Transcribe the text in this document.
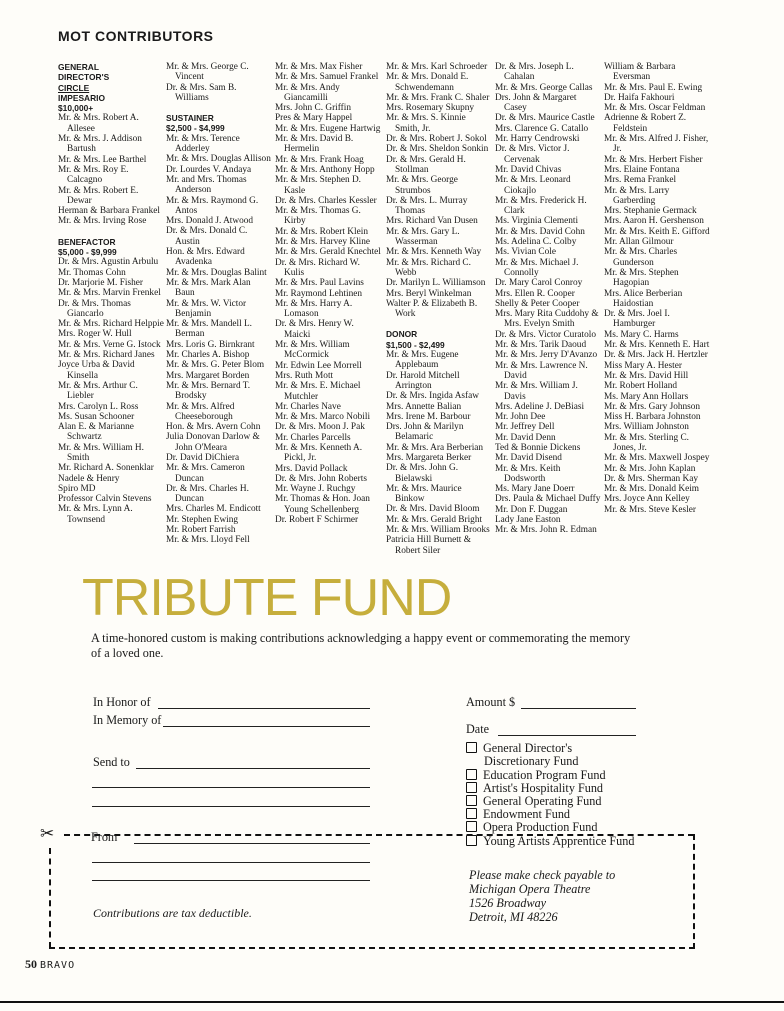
MOT CONTRIBUTORS
GENERAL
DIRECTOR'S
CIRCLE
IMPESARIO
$10,000+
Mr. & Mrs. Robert A. Allesee
Mr. & Mrs. J. Addison Bartush
Mr. & Mrs. Lee Barthel
Mr. & Mrs. Roy E. Calcagno
Mr. & Mrs. Robert E. Dewar
Herman & Barbara Frankel
Mr. & Mrs. Irving Rose
BENEFACTOR
$5,000 - $9,999
Dr. & Mrs. Agustin Arbulu
Mr. Thomas Cohn
Dr. Marjorie M. Fisher
Mr. & Mrs. Marvin Frenkel
Dr. & Mrs. Thomas Giancarlo
Mr. & Mrs. Richard Helppie
Mrs. Roger W. Hull
Mr. & Mrs. Verne G. Istock
Mr. & Mrs. Richard Janes
Joyce Urba & David Kinsella
Mr. & Mrs. Arthur C. Liebler
Mrs. Carolyn L. Ross
Ms. Susan Schooner
Alan E. & Marianne Schwartz
Mr. & Mrs. William H. Smith
Mr. Richard A. Sonenklar
Nadele & Henry
Spiro MD
Professor Calvin Stevens
Mr. & Mrs. Lynn A. Townsend
Mr. & Mrs. George C. Vincent
Dr. & Mrs. Sam B. Williams
SUSTAINER
$2,500 - $4,999
Mr. & Mrs. Terence Adderley
Mr. & Mrs. Douglas Allison
Dr. Lourdes V. Andaya
Mr. and Mrs. Thomas Anderson
Mr. & Mrs. Raymond G. Antos
Mrs. Donald J. Atwood
Dr. & Mrs. Donald C. Austin
Hon. & Mrs. Edward Avadenka
Mr. & Mrs. Douglas Balint
Mr. & Mrs. Mark Alan Baun
Mr. & Mrs. W. Victor Benjamin
Mr. & Mrs. Mandell L. Berman
Mrs. Loris G. Birnkrant
Mr. Charles A. Bishop
Mr. & Mrs. G. Peter Blom
Mrs. Margaret Borden
Mr. & Mrs. Bernard T. Brodsky
Mr. & Mrs. Alfred Cheeseborough
Hon. & Mrs. Avern Cohn
Julia Donovan Darlow & John O'Meara
Dr. David DiChiera
Mr. & Mrs. Cameron Duncan
Dr. & Mrs. Charles H. Duncan
Mrs. Charles M. Endicott
Mr. Stephen Ewing
Mr. Robert Farrish
Mr. & Mrs. Lloyd Fell
Mr. & Mrs. Max Fisher
Mr. & Mrs. Samuel Frankel
Mr. & Mrs. Andy Giancamilli
Mrs. John C. Griffin
Pres & Mary Happel
Mr. & Mrs. Eugene Hartwig
Mr. & Mrs. David B. Hermelin
Mr. & Mrs. Frank Hoag
Mr. & Mrs. Anthony Hopp
Mr. & Mrs. Stephen D. Kasle
Dr. & Mrs. Charles Kessler
Mr. & Mrs. Thomas G. Kirby
Mr. & Mrs. Robert Klein
Mr. & Mrs. Harvey Kline
Mr. & Mrs. Gerald Knechtel
Dr. & Mrs. Richard W. Kulis
Mr. & Mrs. Paul Lavins
Mr. Raymond Lehtinen
Mr. & Mrs. Harry A. Lomason
Dr. & Mrs. Henry W. Maicki
Mr. & Mrs. William McCormick
Mr. Edwin Lee Morrell
Mrs. Ruth Mott
Mr. & Mrs. E. Michael Mutchler
Mr. Charles Nave
Mr. & Mrs. Marco Nobili
Dr. & Mrs. Moon J. Pak
Mr. Charles Parcells
Mr. & Mrs. Kenneth A. Pickl, Jr.
Mrs. David Pollack
Dr. & Mrs. John Roberts
Mr. Wayne J. Ruchgy
Mr. Thomas & Hon. Joan Young Schellenberg
Dr. Robert F Schirmer
Mr. & Mrs. Karl Schroeder
Mr. & Mrs. Donald E. Schwendemann
Mr. & Mrs. Frank C. Shaler
Mrs. Rosemary Skupny
Mr. & Mrs. S. Kinnie Smith, Jr.
Dr. & Mrs. Robert J. Sokol
Dr. & Mrs. Sheldon Sonkin
Dr. & Mrs. Gerald H. Stollman
Mr. & Mrs. George Strumbos
Dr. & Mrs. L. Murray Thomas
Mrs. Richard Van Dusen
Mr. & Mrs. Gary L. Wasserman
Mr. & Mrs. Kenneth Way
Mr. & Mrs. Richard C. Webb
Dr. Marilyn L. Williamson
Mrs. Beryl Winkelman
Walter P. & Elizabeth B. Work
DONOR
$1,500 - $2,499
Mr. & Mrs. Eugene Applebaum
Dr. Harold Mitchell Arrington
Dr. & Mrs. Ingida Asfaw
Mrs. Annette Balian
Mrs. Irene M. Barbour
Drs. John & Marilyn Belamaric
Mr. & Mrs. Ara Berberian
Mrs. Margareta Berker
Dr. & Mrs. John G. Bielawski
Mr. & Mrs. Maurice Binkow
Dr. & Mrs. David Bloom
Mr. & Mrs. Gerald Bright
Mr. & Mrs. William Brooks
Patricia Hill Burnett & Robert Siler
Dr. & Mrs. Joseph L. Cahalan
Mr. & Mrs. George Callas
Drs. John & Margaret Casey
Dr. & Mrs. Maurice Castle
Mrs. Clarence G. Catallo
Mr. Harry Cendrowski
Dr. & Mrs. Victor J. Cervenak
Mr. David Chivas
Mr. & Mrs. Leonard Ciokajlo
Mr. & Mrs. Frederick H. Clark
Ms. Virginia Clementi
Mr. & Mrs. David Cohn
Ms. Adelina C. Colby
Ms. Vivian Cole
Mr. & Mrs. Michael J. Connolly
Dr. Mary Carol Conroy
Mrs. Ellen R. Cooper
Shelly & Peter Cooper
Mrs. Mary Rita Cuddohy & Mrs. Evelyn Smith
Dr. & Mrs. Victor Curatolo
Mr. & Mrs. Tarik Daoud
Mr. & Mrs. Jerry D'Avanzo
Mr. & Mrs. Lawrence N. David
Mr. & Mrs. William J. Davis
Mrs. Adeline J. DeBiasi
Mr. John Dee
Mr. Jeffrey Dell
Mr. David Denn
Ted & Bonnie Dickens
Mr. David Disend
Mr. & Mrs. Keith Dodsworth
Ms. Mary Jane Doerr
Drs. Paula & Michael Duffy
Mr. Don F. Duggan
Lady Jane Easton
Mr. & Mrs. John R. Edman
William & Barbara Eversman
Mr. & Mrs. Paul E. Ewing
Dr. Haifa Fakhouri
Mr. & Mrs. Oscar Feldman
Adrienne & Robert Z. Feldstein
Mr. & Mrs. Alfred J. Fisher, Jr.
Mr. & Mrs. Herbert Fisher
Mrs. Elaine Fontana
Mrs. Rema Frankel
Mr. & Mrs. Larry Garberding
Mrs. Stephanie Germack
Mrs. Aaron H. Gershenson
Mr. & Mrs. Keith E. Gifford
Mr. Allan Gilmour
Mr. & Mrs. Charles Gunderson
Mr. & Mrs. Stephen Hagopian
Mrs. Alice Berberian Haidostian
Dr. & Mrs. Joel I. Hamburger
Ms. Mary C. Harms
Mr. & Mrs. Kenneth E. Hart
Dr. & Mrs. Jack H. Hertzler
Miss Mary A. Hester
Mr. & Mrs. David Hill
Mr. Robert Holland
Ms. Mary Ann Hollars
Mr. & Mrs. Gary Johnson
Miss H. Barbara Johnston
Mrs. William Johnston
Mr. & Mrs. Sterling C. Jones, Jr.
Mr. & Mrs. Maxwell Jospey
Mr. & Mrs. John Kaplan
Dr. & Mrs. Sherman Kay
Mr. & Mrs. Donald Keim
Mrs. Joyce Ann Kelley
Mr. & Mrs. Steve Kesler
✂
TRIBUTE FUND
A time-honored custom is making contributions acknowledging a happy event or commemorating the memory of a loved one.
In Honor of
In Memory of
Send to
From
Contributions are tax deductible.
Amount $
Date
General Director's
Discretionary Fund
Education Program Fund
Artist's Hospitality Fund
General Operating Fund
Endowment Fund
Opera Production Fund
Young Artists Apprentice Fund
Please make check payable to
Michigan Opera Theatre
1526 Broadway
Detroit, MI 48226
50 BRAVO
